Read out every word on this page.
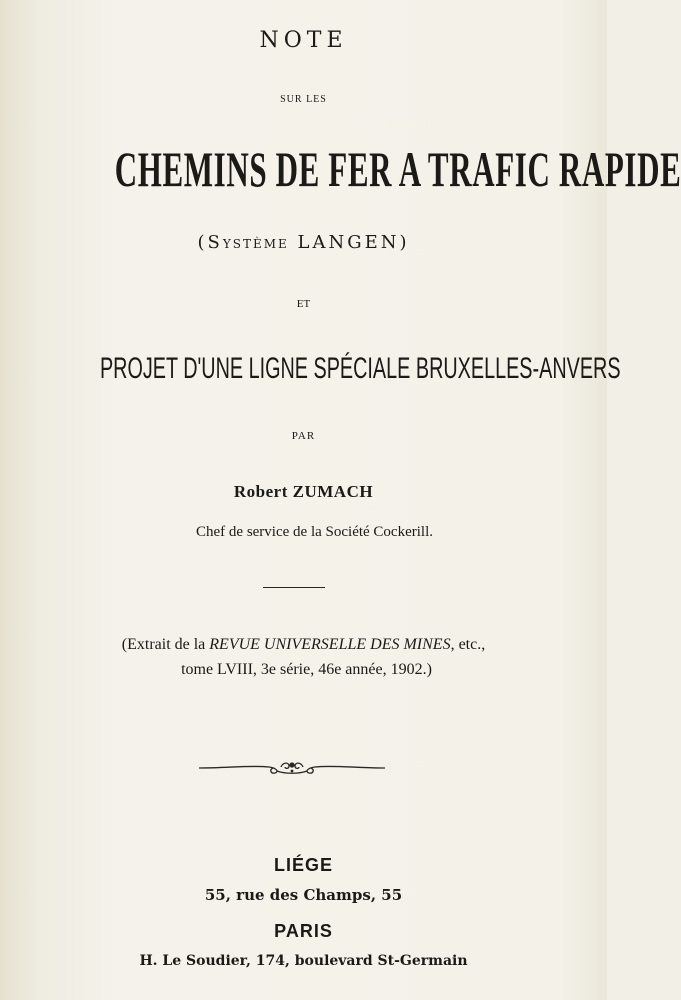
NOTE
SUR LES
CHEMINS DE FER A TRAFIC RAPIDE
(SYSTÈME LANGEN)
ET
PROJET D'UNE LIGNE SPÉCIALE BRUXELLES-ANVERS
PAR
Robert ZUMACH
Chef de service de la Société Cockerill.
(Extrait de la REVUE UNIVERSELLE DES MINES, etc.,
tome LVIII, 3e série, 46e année, 1902.)
LIÉGE
55, rue des Champs, 55
PARIS
H. Le Soudier, 174, boulevard St-Germain
